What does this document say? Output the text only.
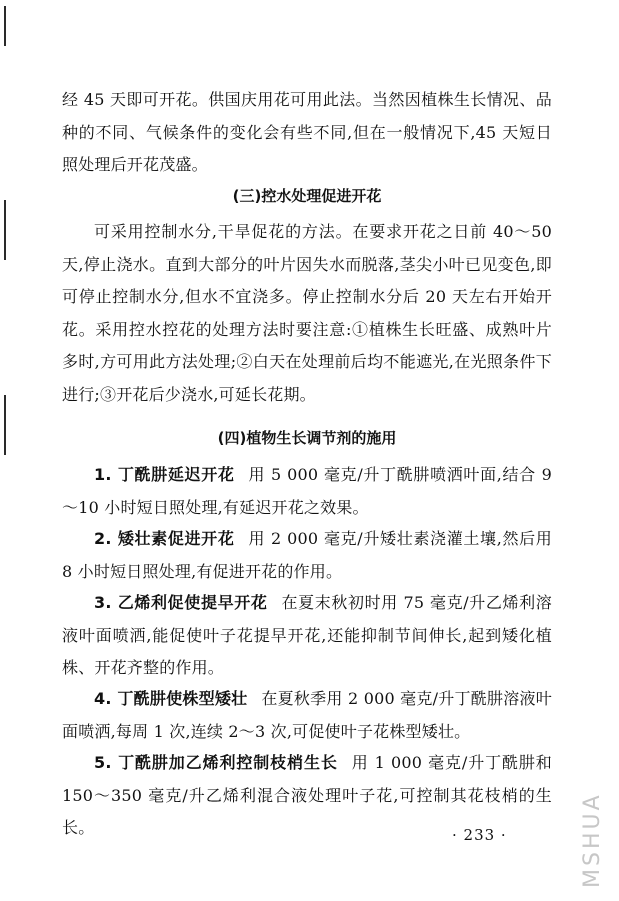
经 45 天即可开花。供国庆用花可用此法。当然因植株生长情况、品种的不同、气候条件的变化会有些不同,但在一般情况下,45 天短日照处理后开花茂盛。

(三)控水处理促进开花

可采用控制水分,干旱促花的方法。在要求开花之日前 40～50 天,停止浇水。直到大部分的叶片因失水而脱落,茎尖小叶已见变色,即可停止控制水分,但水不宜浇多。停止控制水分后 20 天左右开始开花。采用控水控花的处理方法时要注意:①植株生长旺盛、成熟叶片多时,方可用此方法处理;②白天在处理前后均不能遮光,在光照条件下进行;③开花后少浇水,可延长花期。

(四)植物生长调节剂的施用

1. 丁酰肼延迟开花 用 5 000 毫克/升丁酰肼喷洒叶面,结合 9～10 小时短日照处理,有延迟开花之效果。

2. 矮壮素促进开花 用 2 000 毫克/升矮壮素浇灌土壤,然后用 8 小时短日照处理,有促进开花的作用。

3. 乙烯利促使提早开花 在夏末秋初时用 75 毫克/升乙烯利溶液叶面喷洒,能促使叶子花提早开花,还能抑制节间伸长,起到矮化植株、开花齐整的作用。

4. 丁酰肼使株型矮壮 在夏秋季用 2 000 毫克/升丁酰肼溶液叶面喷洒,每周 1 次,连续 2～3 次,可促使叶子花株型矮壮。

5. 丁酰肼加乙烯利控制枝梢生长 用 1 000 毫克/升丁酰肼和 150～350 毫克/升乙烯利混合液处理叶子花,可控制其花枝梢的生长。	· 233 ·	MSHUA
